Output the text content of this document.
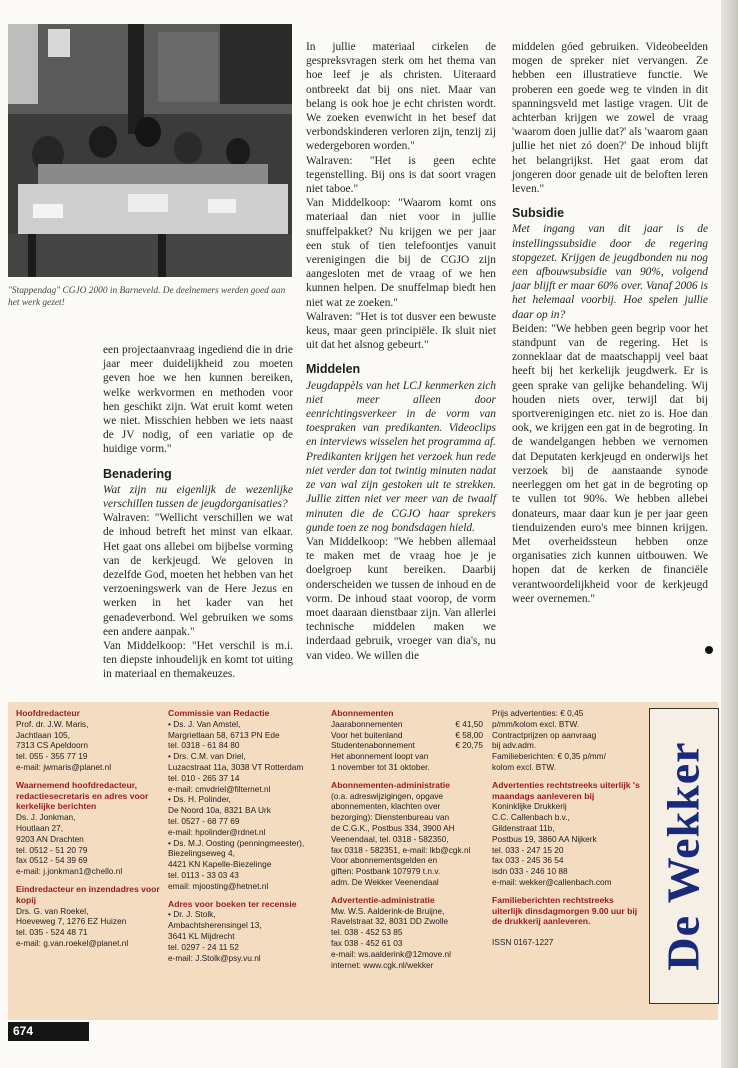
"Stappendag" CGJO 2000 in Barneveld. De deelnemers werden goed aan het werk gezet!

een projectaanvraag ingediend die in drie jaar meer duidelijkheid zou moeten geven hoe we hen kunnen bereiken, welke werkvormen en methoden voor hen geschikt zijn. Wat eruit komt weten we niet. Misschien hebben we iets naast de JV nodig, of een variatie op de huidige vorm."

Benadering

Wat zijn nu eigenlijk de wezenlijke verschillen tussen de jeugdorganisaties?

Walraven: "Wellicht verschillen we wat de inhoud betreft het minst van elkaar. Het gaat ons allebei om bijbelse vorming van de kerkjeugd. We geloven in dezelfde God, moeten het hebben van het verzoeningswerk van de Here Jezus en werken in het kader van het genadeverbond. Wel gebruiken we soms een andere aanpak."

Van Middelkoop: "Het verschil is m.i. ten diepste inhoudelijk en komt tot uiting in materiaal en themakeuzes.

In jullie materiaal cirkelen de gespreksvragen sterk om het thema van hoe leef je als christen. Uiteraard ontbreekt dat bij ons niet. Maar van belang is ook hoe je echt christen wordt. We zoeken evenwicht in het besef dat verbondskinderen verloren zijn, tenzij zij wedergeboren worden."

Walraven: "Het is geen echte tegenstelling. Bij ons is dat soort vragen niet taboe."

Van Middelkoop: "Waarom komt ons materiaal dan niet voor in jullie snuffelpakket? Nu krijgen we per jaar een stuk of tien telefoontjes vanuit verenigingen die bij de CGJO zijn aangesloten met de vraag of we hen kunnen helpen. De snuffelmap biedt hen niet wat ze zoeken."

Walraven: "Het is tot dusver een bewuste keus, maar geen principiële. Ik sluit niet uit dat het alsnog gebeurt."

Middelen

Jeugdappèls van het LCJ kenmerken zich niet meer alleen door eenrichtingsverkeer in de vorm van toespraken van predikanten. Videoclips en interviews wisselen het programma af. Predikanten krijgen het verzoek hun rede niet verder dan tot twintig minuten nadat ze van wal zijn gestoken uit te strekken. Jullie zitten niet ver meer van de twaalf minuten die de CGJO haar sprekers gunde toen ze nog bondsdagen hield.

Van Middelkoop: "We hebben allemaal te maken met de vraag hoe je je doelgroep kunt bereiken. Daarbij onderscheiden we tussen de inhoud en de vorm. De inhoud staat voorop, de vorm moet daaraan dienstbaar zijn. Van allerlei technische middelen maken we inderdaad gebruik, vroeger van dia's, nu van video. We willen die

middelen góed gebruiken. Videobeelden mogen de spreker niet vervangen. Ze hebben een illustratieve functie. We proberen een goede weg te vinden in dit spanningsveld met lastige vragen. Uit de achterban krijgen we zowel de vraag 'waarom doen jullie dat?' als 'waarom gaan jullie het niet zó doen?' De inhoud blijft het belangrijkst. Het gaat erom dat jongeren door genade uit de beloften leren leven."

Subsidie

Met ingang van dit jaar is de instellingssubsidie door de regering stopgezet. Krijgen de jeugdbonden nu nog een afbouwsubsidie van 90%, volgend jaar blijft er maar 60% over. Vanaf 2006 is het helemaal voorbij. Hoe spelen jullie daar op in?

Beiden: "We hebben geen begrip voor het standpunt van de regering. Het is zonneklaar dat de maatschappij veel baat heeft bij het kerkelijk jeugdwerk. Er is geen sprake van gelijke behandeling. Wij houden niets over, terwijl dat bij sportverenigingen etc. niet zo is. Hoe dan ook, we krijgen een gat in de begroting. In de wandelgangen hebben we vernomen dat Deputaten kerkjeugd en onderwijs het verzoek bij de aanstaande synode neerleggen om het gat in de begroting op te vullen tot 90%. We hebben allebei donateurs, maar daar kun je per jaar geen tienduizenden euro's mee binnen krijgen. Met overheidssteun hebben onze organisaties zich kunnen uitbouwen. We hopen dat de kerken de financiële verantwoordelijkheid voor de kerkjeugd weer overnemen."

Hoofdredacteur
Prof. dr. J.W. Maris,
Jachtlaan 105,
7313 CS Apeldoorn
tel. 055 - 355 77 19
e-mail: jwmaris@planet.nl
Waarnemend hoofdredacteur, redactiesecretaris en adres voor kerkelijke berichten
Ds. J. Jonkman,
Houtlaan 27,
9203 AN Drachten
tel. 0512 - 51 20 79
fax 0512 - 54 39 69
e-mail: j.jonkman1@chello.nl
Eindredacteur en inzendadres voor kopij
Drs. G. van Roekel,
Hoeveweg 7, 1276 EZ Huizen
tel. 035 - 524 48 71
e-mail: g.van.roekel@planet.nl
Commissie van Redactie
• Ds. J. Van Amstel,
Margrietlaan 58, 6713 PN Ede
tel. 0318 - 61 84 80
• Drs. C.M. van Driel,
Luzacstraat 11a, 3038 VT Rotterdam
tel. 010 - 265 37 14
e-mail: cmvdriel@filternet.nl
• Ds. H. Polinder,
De Noord 10a, 8321 BA Urk
tel. 0527 - 68 77 69
e-mail: hpolinder@rdnet.nl
• Ds. M.J. Oosting (penningmeester),
Biezelingseweg 4,
4421 KN Kapelle-Biezelinge
tel. 0113 - 33 03 43
email: mjoosting@hetnet.nl
Adres voor boeken ter recensie
• Dr. J. Stolk,
Ambachtsherensingel 13,
3641 KL Mijdrecht
tel. 0297 - 24 11 52
e-mail: J.Stolk@psy.vu.nl
Abonnementen
Jaarabonnementen	€ 41,50
Voor het buitenland	€ 58,00
Studentenabonnement	€ 20,75
Het abonnement loopt van
1 november tot 31 oktober.
Abonnementen-administratie
(o.a. adreswijzigingen, opgave
abonnementen, klachten over
bezorging): Dienstenbureau van
de C.G.K., Postbus 334, 3900 AH
Veenendaal, tel. 0318 - 582350,
fax 0318 - 582351, e-mail: lkb@cgk.nl
Voor abonnementsgelden en
giften: Postbank 107979 t.n.v.
adm. De Wekker Veenendaal
Advertentie-administratie
Mw. W.S. Aalderink-de Bruijne,
Ravelstraat 32, 8031 DD Zwolle
tel. 038 - 452 53 85
fax 038 - 452 61 03
e-mail: ws.aalderink@12move.nl
internet: www.cgk.nl/wekker
Prijs advertenties: € 0,45
p/mm/kolom excl. BTW.
Contractprijzen op aanvraag
bij adv.adm.
Familieberichten: € 0,35 p/mm/
kolom excl. BTW.
Advertenties rechtstreeks uiterlijk 's maandags aanleveren bij
Koninklijke Drukkerij
C.C. Callenbach b.v.,
Gildenstraat 11b,
Postbus 19, 3860 AA Nijkerk
tel. 033 - 247 15 20
fax 033 - 245 36 54
isdn 033 - 246 10 88
e-mail: wekker@callenbach.com
Familieberichten rechtstreeks uiterlijk dinsdagmorgen 9.00 uur bij de drukkerij aanleveren.
ISSN 0167-1227	De Wekker
674
